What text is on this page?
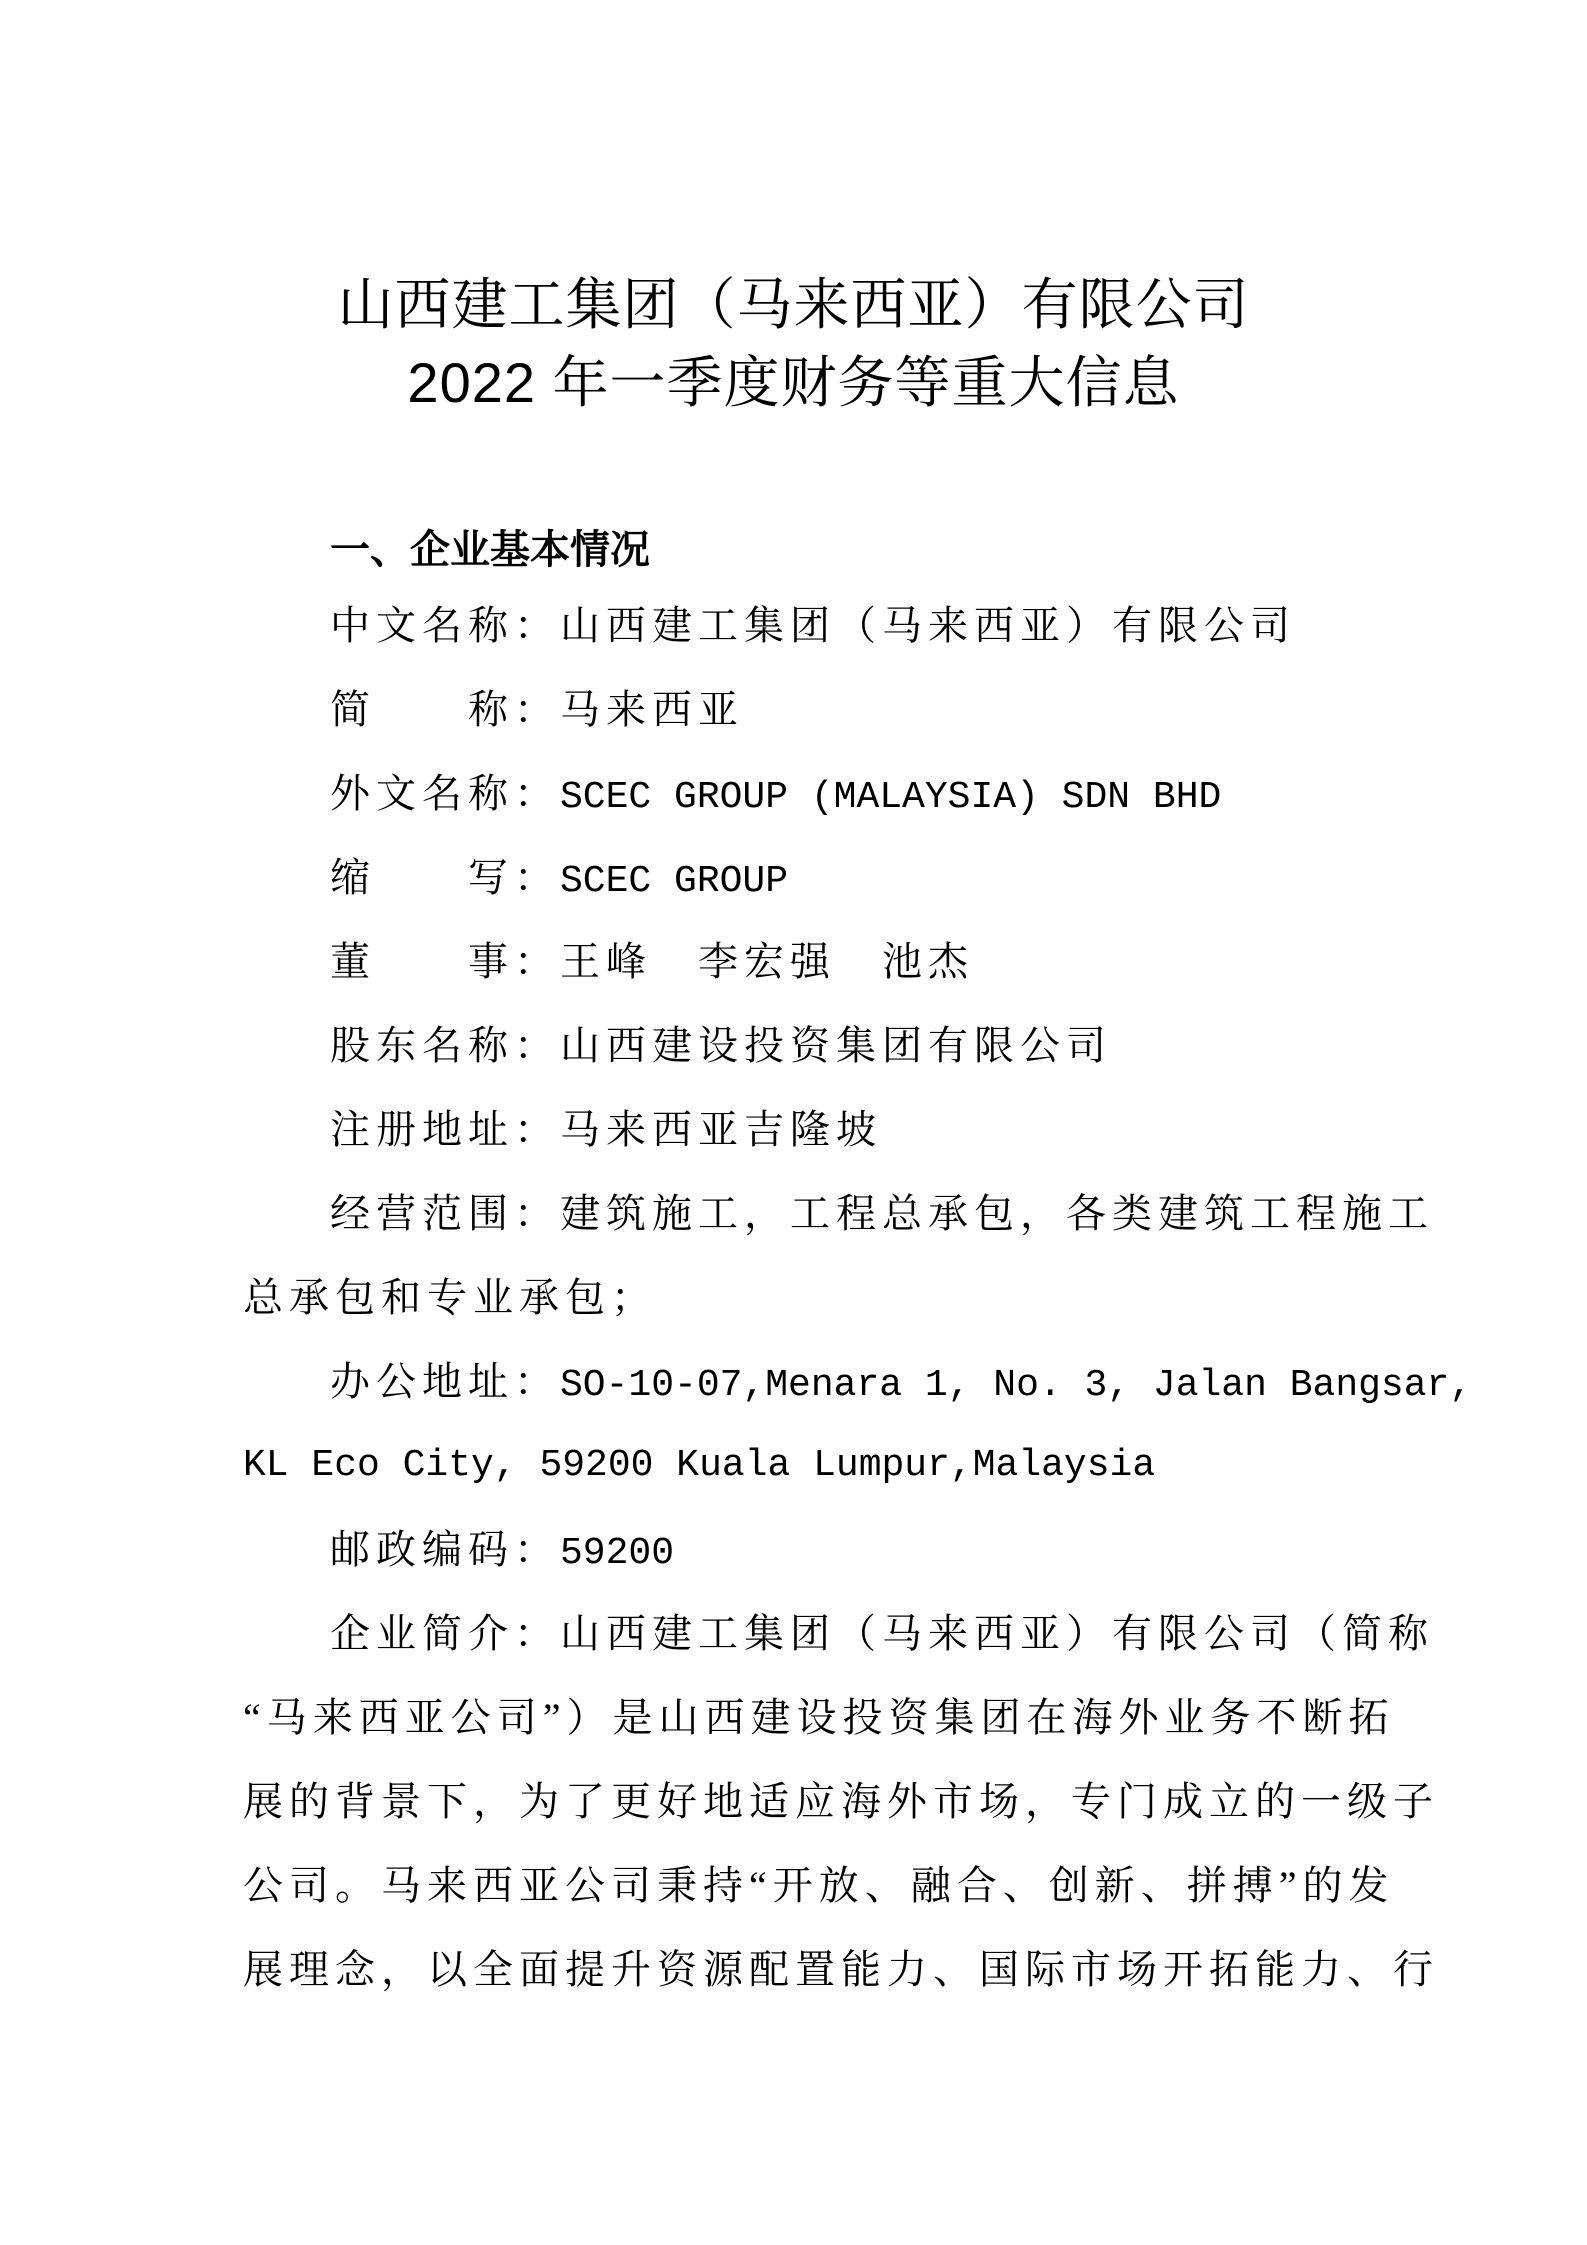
山西建工集团（马来西亚）有限公司
2022 年一季度财务等重大信息
一、企业基本情况
中文名称：山西建工集团（马来西亚）有限公司
简　　称：马来西亚
外文名称：SCEC GROUP (MALAYSIA) SDN BHD
缩　　写：SCEC GROUP
董　　事：王峰　李宏强　池杰
股东名称：山西建设投资集团有限公司
注册地址：马来西亚吉隆坡
经营范围：建筑施工，工程总承包，各类建筑工程施工
总承包和专业承包；
办公地址：SO-10-07,Menara 1, No. 3, Jalan Bangsar,
KL Eco City, 59200 Kuala Lumpur,Malaysia
邮政编码：59200
企业简介：山西建工集团（马来西亚）有限公司（简称
“马来西亚公司”）是山西建设投资集团在海外业务不断拓
展的背景下，为了更好地适应海外市场，专门成立的一级子
公司。马来西亚公司秉持“开放、融合、创新、拼搏”的发
展理念，以全面提升资源配置能力、国际市场开拓能力、行
